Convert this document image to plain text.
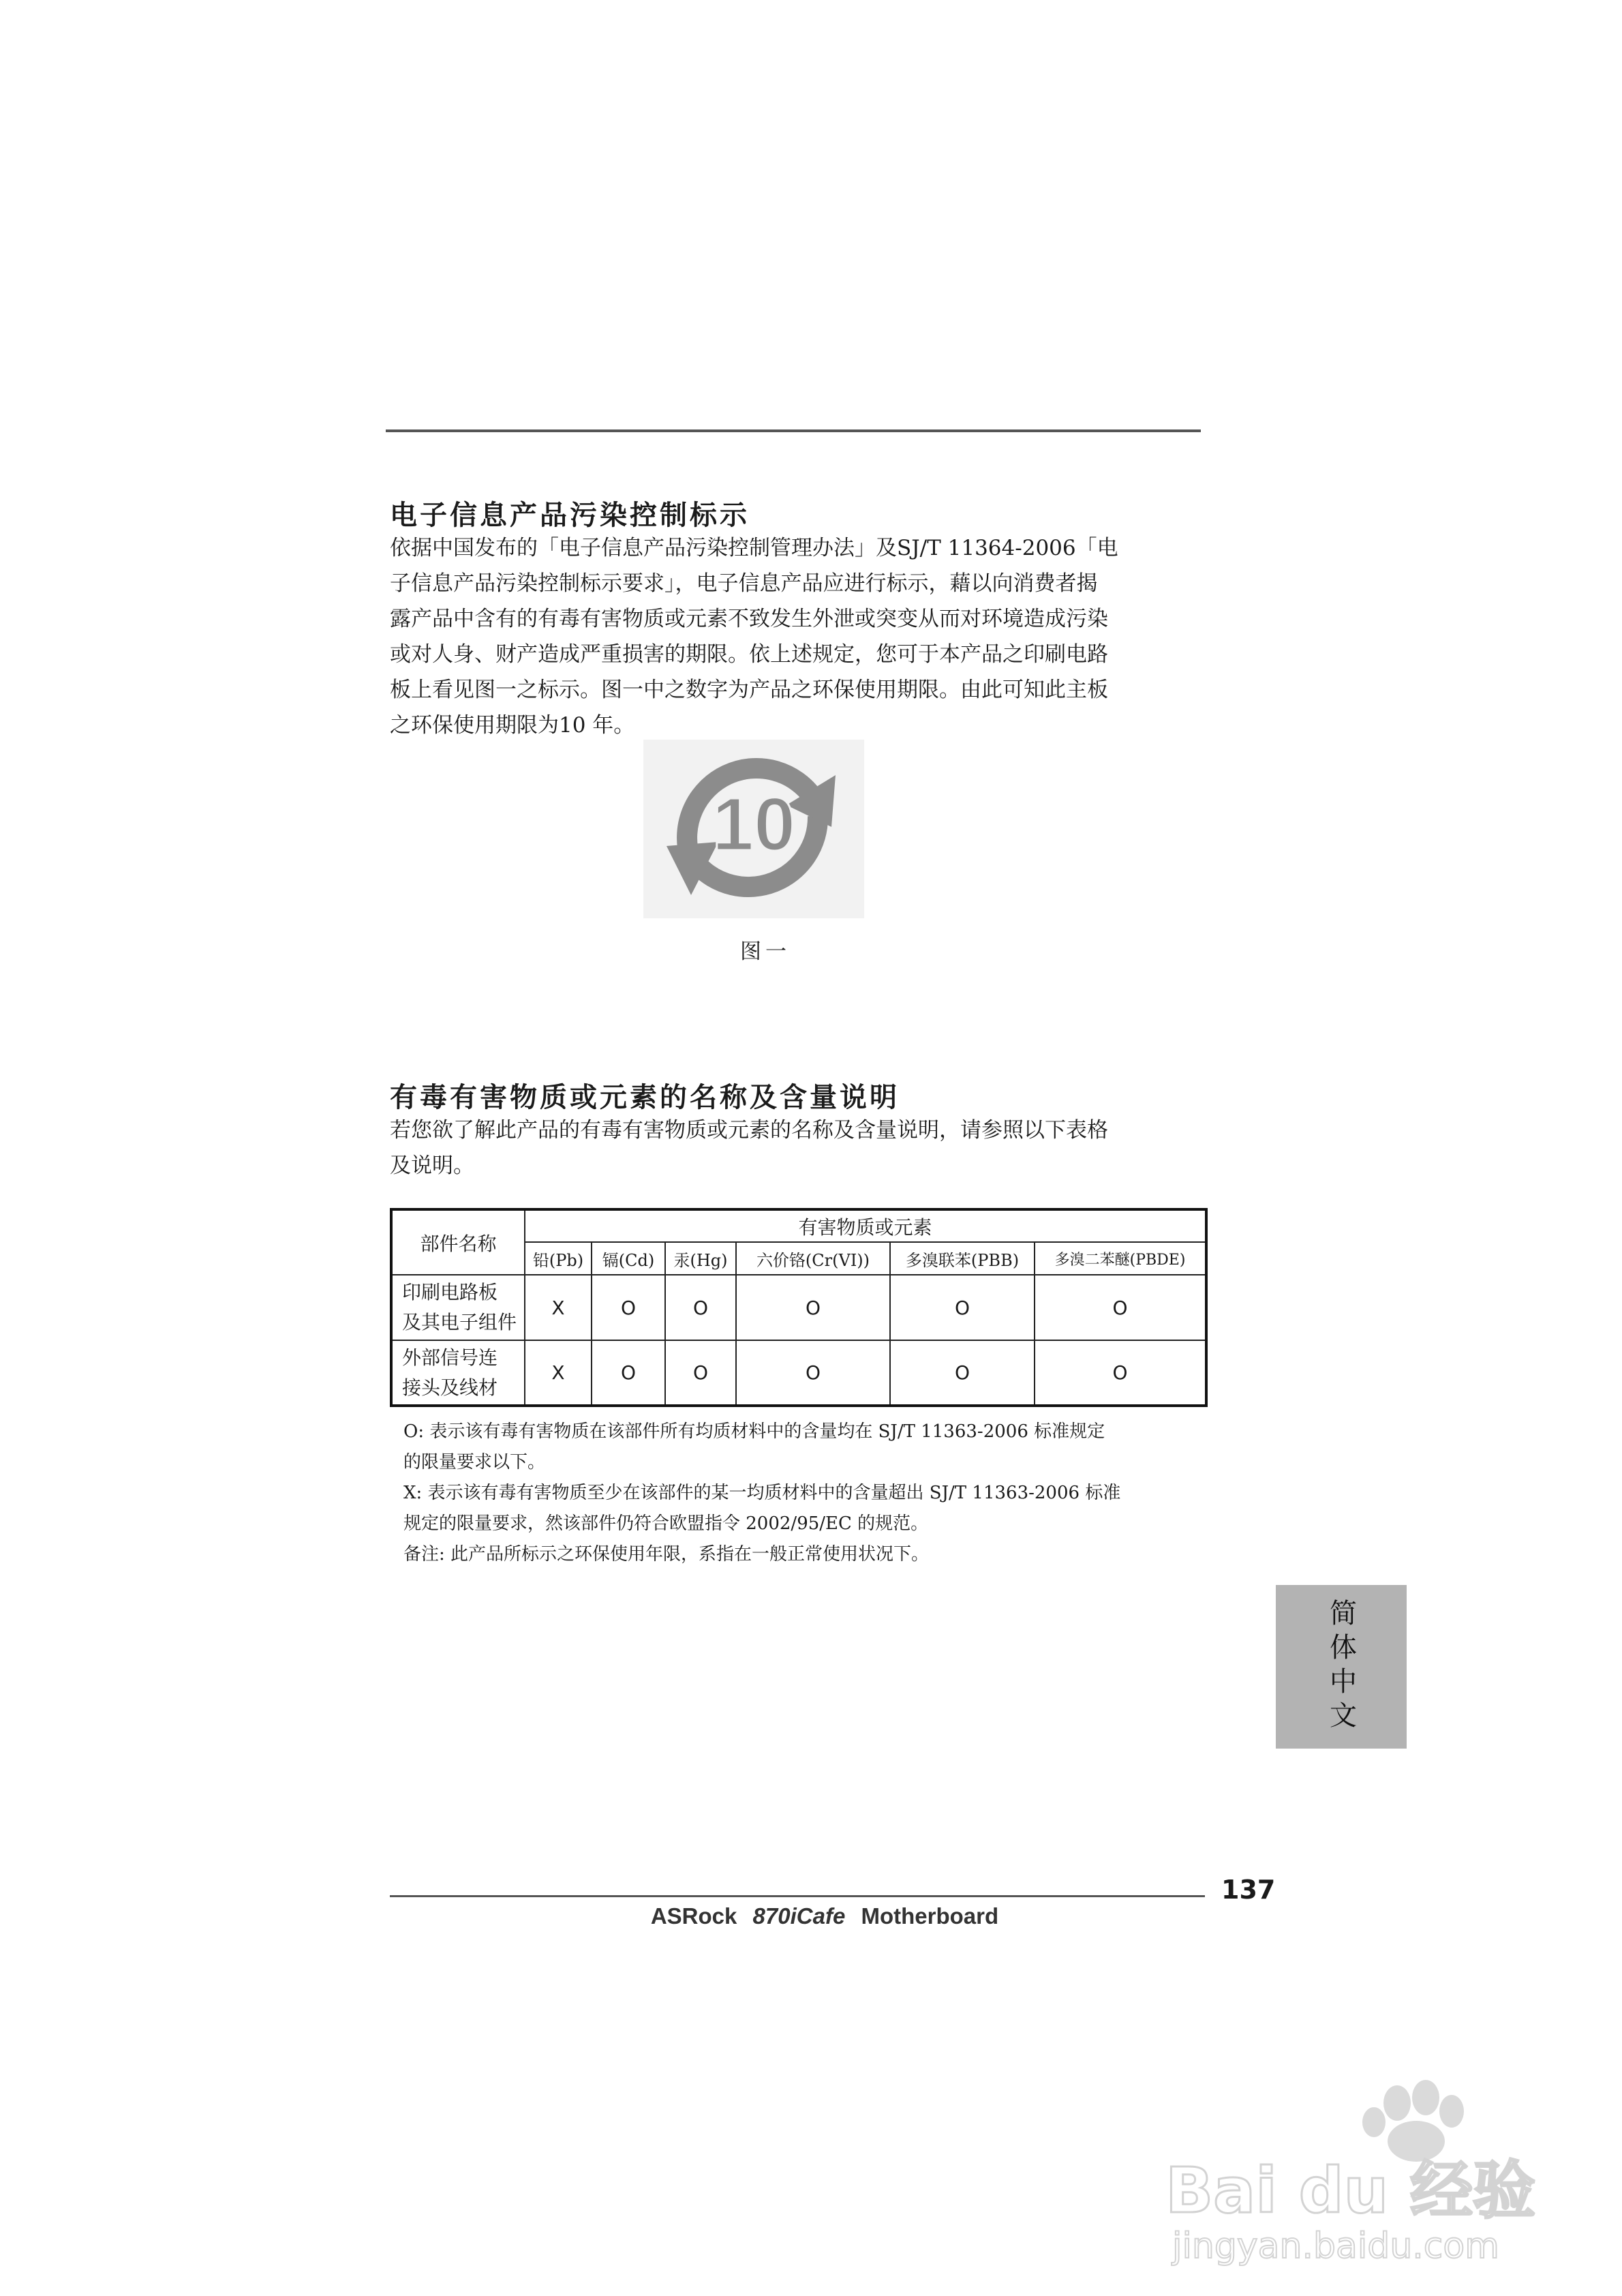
电子信息产品污染控制标示
依据中国发布的「电子信息产品污染控制管理办法」及SJ/T 11364-2006「电
子信息产品污染控制标示要求」，电子信息产品应进行标示，藉以向消费者揭
露产品中含有的有毒有害物质或元素不致发生外泄或突变从而对环境造成污染
或对人身、财产造成严重损害的期限。依上述规定，您可于本产品之印刷电路
板上看见图一之标示。图一中之数字为产品之环保使用期限。由此可知此主板
之环保使用期限为10 年。
10
图一
有毒有害物质或元素的名称及含量说明
若您欲了解此产品的有毒有害物质或元素的名称及含量说明，请参照以下表格
及说明。
部件名称	有害物质或元素					
	铅(Pb)	镉(Cd)	汞(Hg)	六价铬(Cr(VI))	多溴联苯(PBB)	多溴二苯醚(PBDE)

印刷电路板
及其电子组件	X	O	O	O	O	O

外部信号连
接头及线材	X	O	O	O	O	O

O: 表示该有毒有害物质在该部件所有均质材料中的含量均在 SJ/T 11363-2006 标准规定

的限量要求以下。

X: 表示该有毒有害物质至少在该部件的某一均质材料中的含量超出 SJ/T 11363-2006 标准

规定的限量要求，然该部件仍符合欧盟指令 2002/95/EC 的规范。

备注: 此产品所标示之环保使用年限，系指在一般正常使用状况下。

简体中文
137
ASRock 870iCafe Motherboard
Bai du 经验
jingyan.baidu.com
